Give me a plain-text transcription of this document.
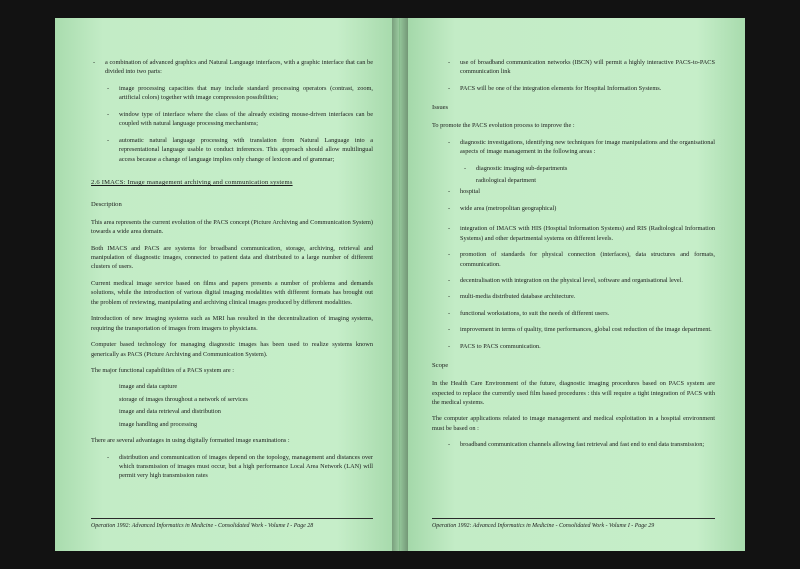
- a combination of advanced graphics and Natural Language interfaces, with a graphic interface that can be divided into two parts:
- image processing capacities that may include standard processing operators (contrast, zoom, artificial colors) together with image compression possibilities;
- window type of interface where the class of the already existing mouse-driven interfaces can be coupled with natural language processing mechanisms;
- automatic natural language processing with translation from Natural Language into a representational language usable to conduct inferences. This approach should allow multilingual access because a change of language implies only change of lexicon and of grammar;
2.6 IMACS: Image management archiving and communication systems
Description

This area represents the current evolution of the PACS concept (Picture Archiving and Communication System) towards a wide area domain.

Both IMACS and PACS are systems for broadband communication, storage, archiving, retrieval and manipulation of diagnostic images, connected to patient data and distributed to a large number of different clusters of users.

Current medical image service based on films and papers presents a number of problems and demands solutions, while the introduction of various digital imaging modalities with different formats has brought out the problem of reviewing, manipulating and archiving clinical images produced by different modalities.

Introduction of new imaging systems such as MRI has resulted in the decentralization of imaging systems, requiring the transportation of images from imagers to physicians.

Computer based technology for managing diagnostic images has been used to realize systems known generically as PACS (Picture Archiving and Communication System).

The major functional capabilities of a PACS system are :

image and data capture
storage of images throughout a network of services
image and data retrieval and distribution
image handling and processing

There are several advantages in using digitally formatted image examinations :

- distribution and communication of images depend on the topology, management and distances over which transmission of images must occur, but a high performance Local Area Network (LAN) will permit very high transmission rates
Operation 1992: Advanced Informatics in Medicine - Consolidated Work - Volume I - Page 28
- use of broadband communication networks (IBCN) will permit a highly interactive PACS-to-PACS communication link
- PACS will be one of the integration elements for Hospital Information Systems.
Issues

To promote the PACS evolution process to improve the :

- diagnostic investigations, identifying new techniques for image manipulations and the organisational aspects of image management in the following areas :
- diagnostic imaging sub-departments
radiological department
- hospital
- wide area (metropolitan geographical)
- integration of IMACS with HIS (Hospital Information Systems) and RIS (Radiological Information Systems) and other departmental systems on different levels.
- promotion of standards for physical connection (interfaces), data structures and formats, communication.
- decentralisation with integration on the physical level, software and organisational level.
- multi-media distributed database architecture.
- functional workstations, to suit the needs of different users.
- improvement in terms of quality, time performances, global cost reduction of the image department.
- PACS to PACS communication.
Scope

In the Health Care Environment of the future, diagnostic imaging procedures based on PACS system are expected to replace the currently used film based procedures : this will require a tight integration of PACS with the medical systems.

The computer applications related to image management and medical exploitation in a hospital environment must be based on :

- broadband communication channels allowing fast retrieval and fast end to end data transmission;
Operation 1992: Advanced Informatics in Medicine - Consolidated Work - Volume I - Page 29
